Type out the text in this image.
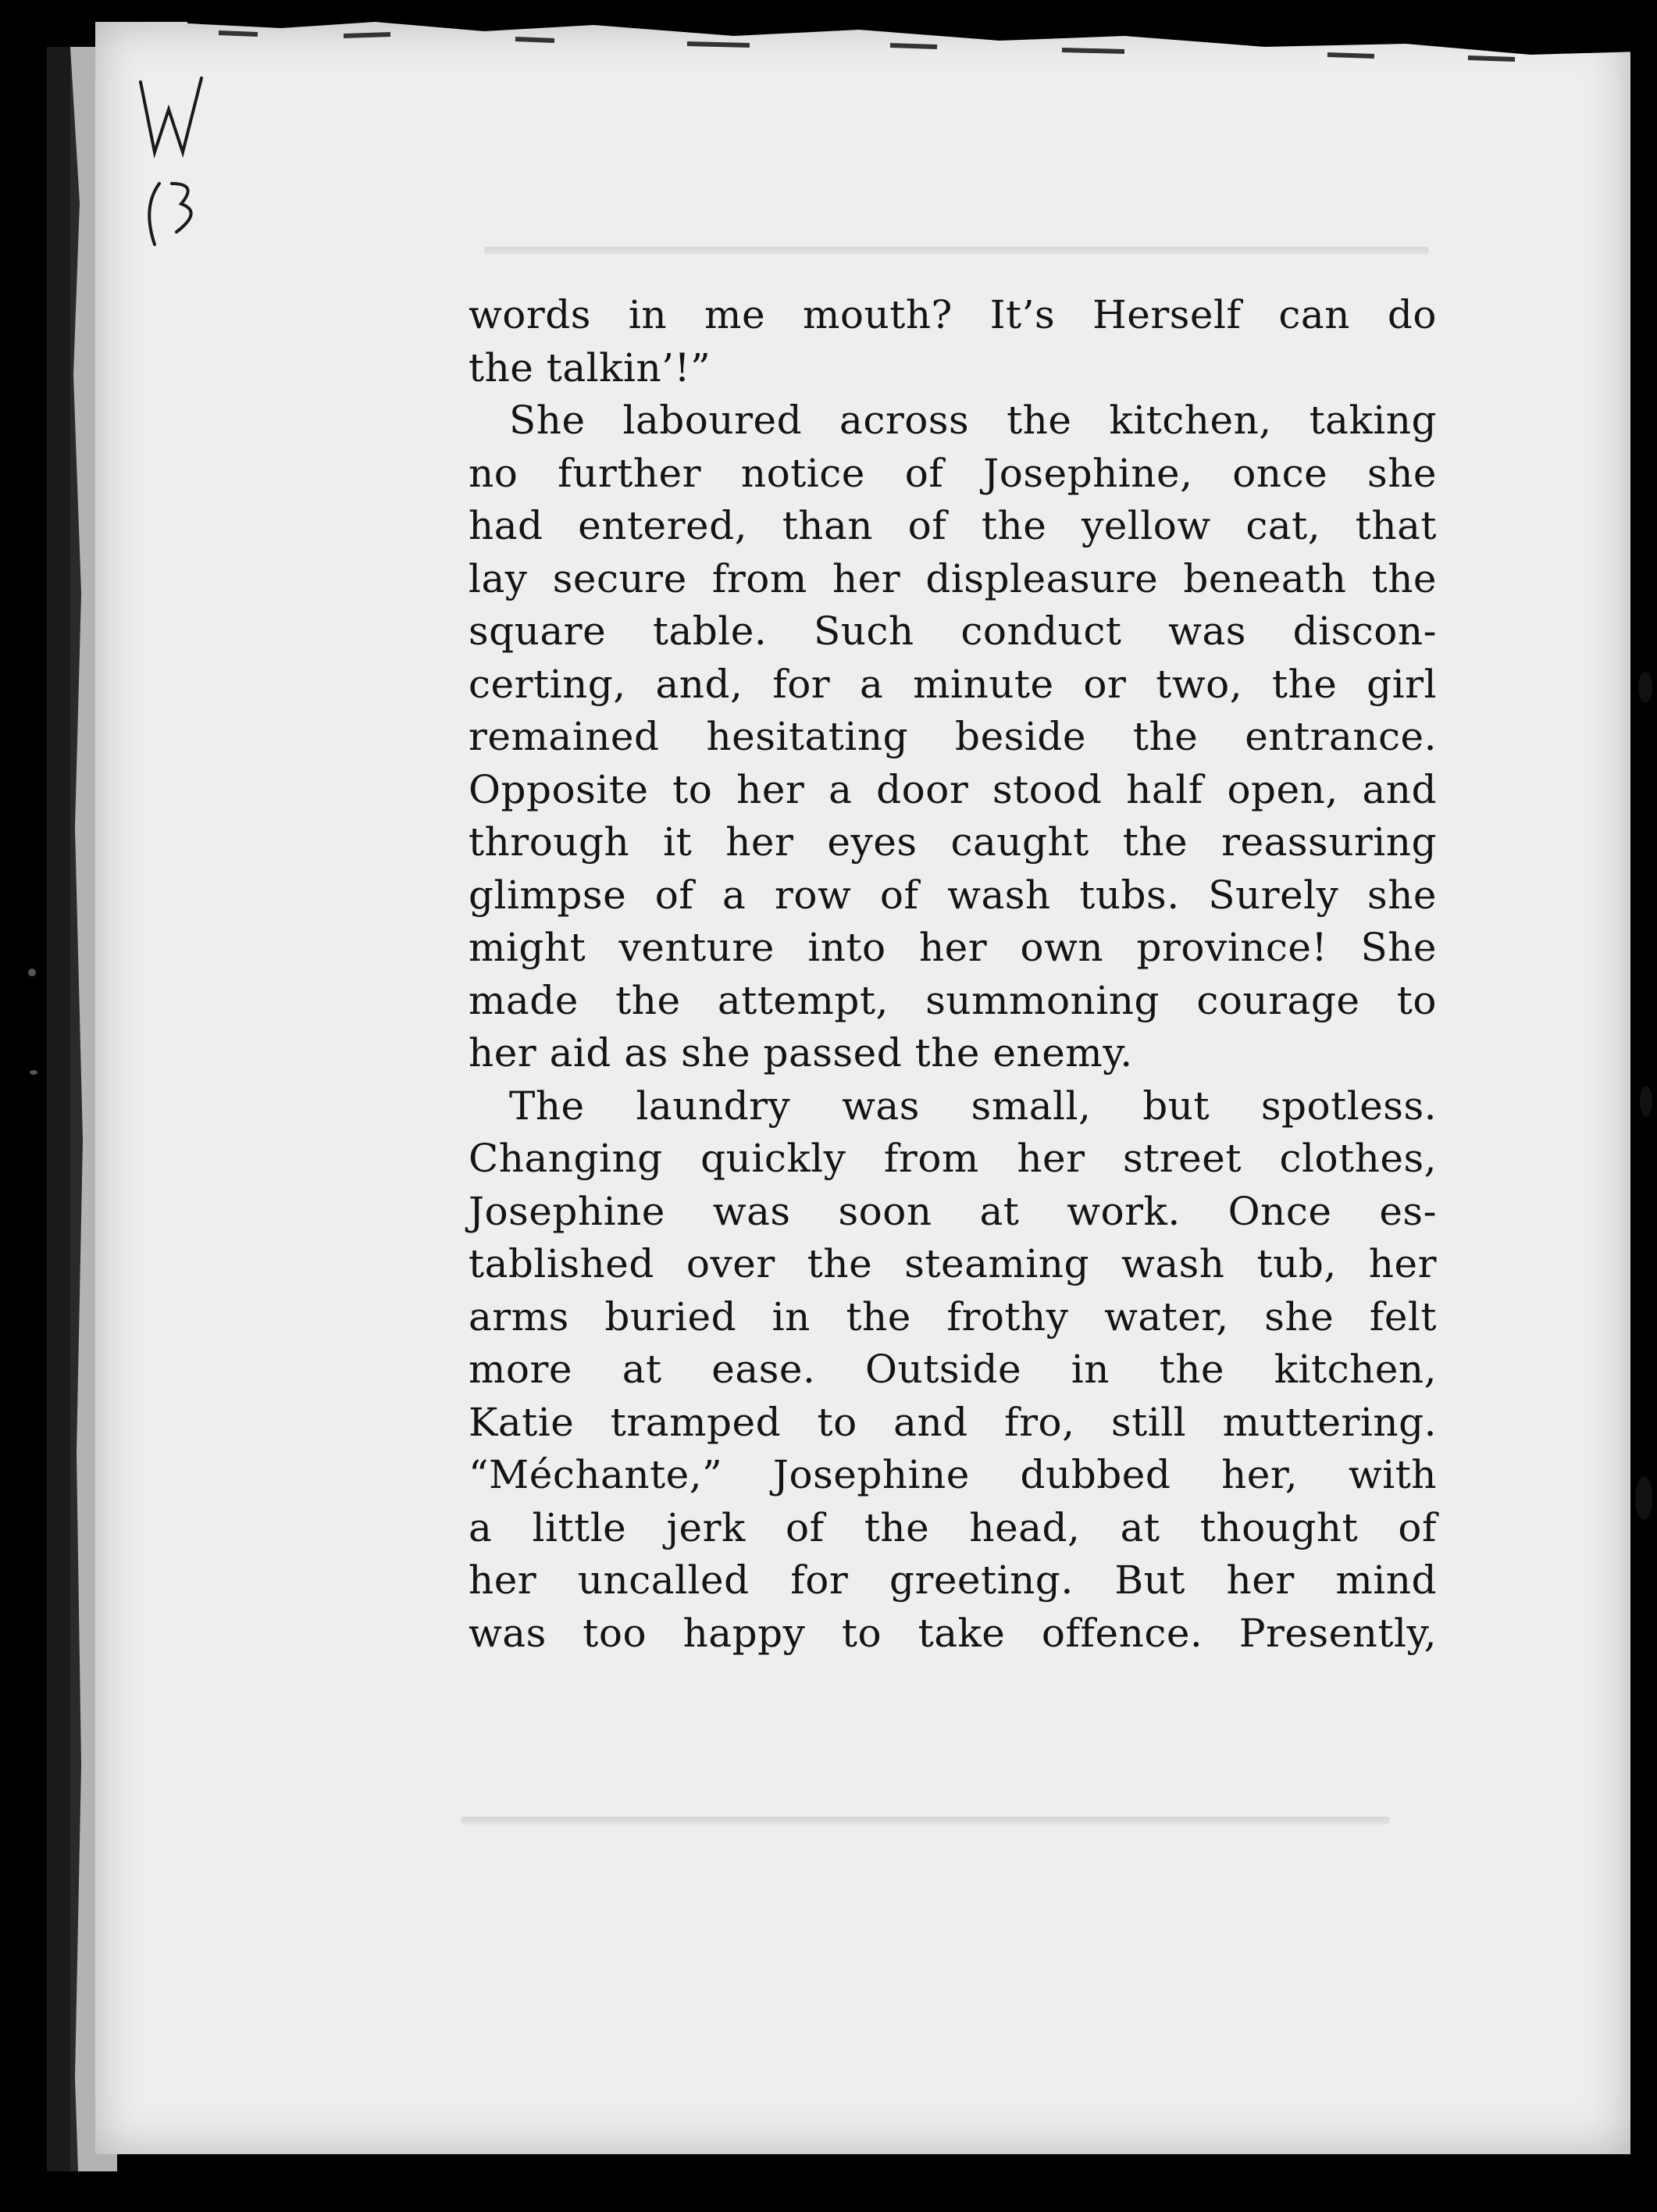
words in me mouth? It’s Herself can do
the talkin’!”
She laboured across the kitchen, taking
no further notice of Josephine, once she
had entered, than of the yellow cat, that
lay secure from her displeasure beneath the
square table. Such conduct was discon-
certing, and, for a minute or two, the girl
remained hesitating beside the entrance.
Opposite to her a door stood half open, and
through it her eyes caught the reassuring
glimpse of a row of wash tubs. Surely she
might venture into her own province! She
made the attempt, summoning courage to
her aid as she passed the enemy.
The laundry was small, but spotless.
Changing quickly from her street clothes,
Josephine was soon at work. Once es-
tablished over the steaming wash tub, her
arms buried in the frothy water, she felt
more at ease. Outside in the kitchen,
Katie tramped to and fro, still muttering.
“Méchante,” Josephine dubbed her, with
a little jerk of the head, at thought of
her uncalled for greeting. But her mind
was too happy to take offence. Presently,
